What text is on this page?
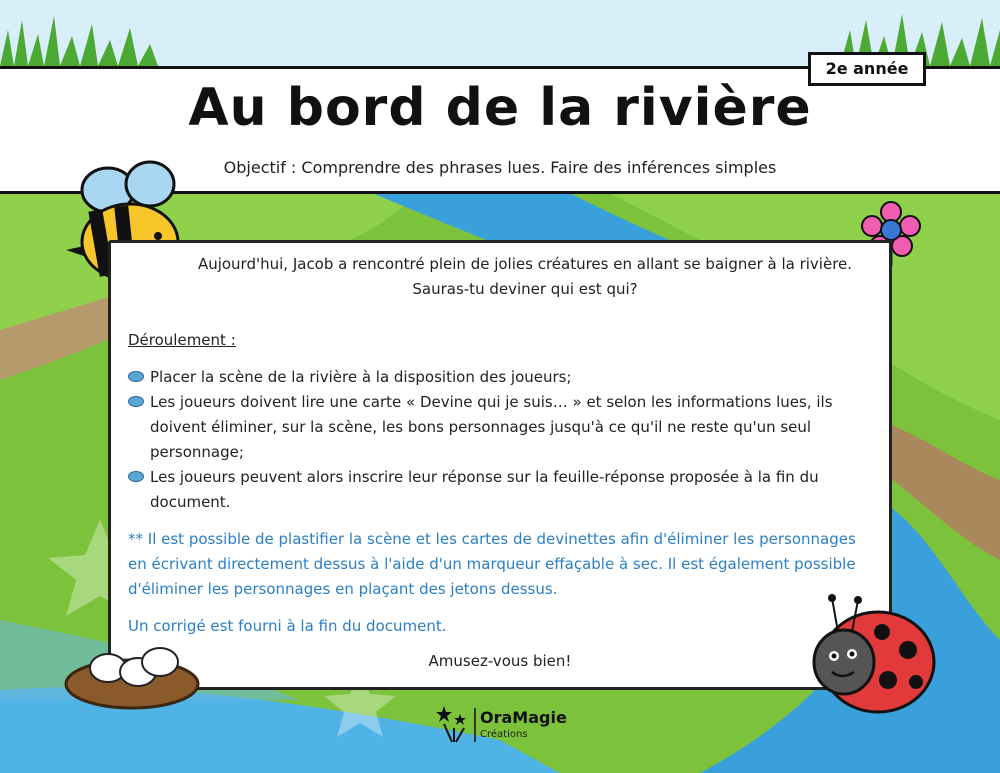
2e année
Au bord de la rivière
Objectif : Comprendre des phrases lues. Faire des inférences simples
Aujourd'hui, Jacob a rencontré plein de jolies créatures en allant se baigner à la rivière. Sauras-tu deviner qui est qui?
Déroulement :
Placer la scène de la rivière à la disposition des joueurs;
Les joueurs doivent lire une carte « Devine qui je suis… » et selon les informations lues, ils doivent éliminer, sur la scène, les bons personnages jusqu'à ce qu'il ne reste qu'un seul personnage;
Les joueurs peuvent alors inscrire leur réponse sur la feuille-réponse proposée à la fin du document.
** Il est possible de plastifier la scène et les cartes de devinettes afin d'éliminer les personnages en écrivant directement dessus à l'aide d'un marqueur effaçable à sec. Il est également possible d'éliminer les personnages en plaçant des jetons dessus.
Un corrigé est fourni à la fin du document.
Amusez-vous bien!
OraMagie
Créations
